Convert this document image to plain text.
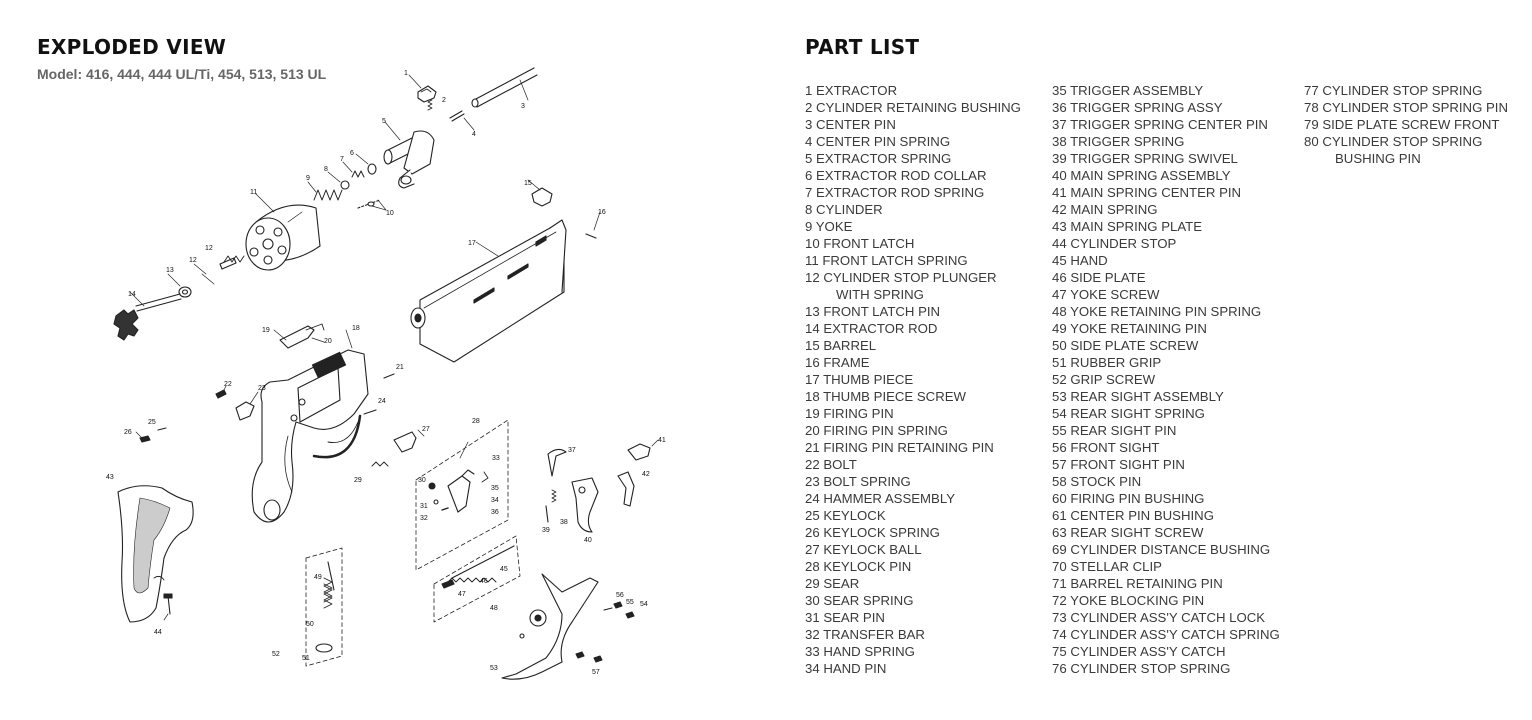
EXPLODED VIEW

Model: 416, 444, 444 UL/Ti, 454, 513, 513 UL	1
2
3
4
5
6
7
8
9
10
11
12
12
13
14
15
16
17
18
19
20
21
22
23
24
25
26	27
28
29	30
31
32
33
34
35
36
37
38
39
40
41
42
43
44
45
46
47
48
49
50
51
52
53
54
55
56
57
PART LIST
1 EXTRACTOR
2 CYLINDER RETAINING BUSHING
3 CENTER PIN
4 CENTER PIN SPRING
5 EXTRACTOR SPRING
6 EXTRACTOR ROD COLLAR
7 EXTRACTOR ROD SPRING
8 CYLINDER
9 YOKE
10 FRONT LATCH
11 FRONT LATCH SPRING
12 CYLINDER STOP PLUNGER
WITH SPRING
13 FRONT LATCH PIN
14 EXTRACTOR ROD
15 BARREL
16 FRAME
17 THUMB PIECE
18 THUMB PIECE SCREW
19 FIRING PIN
20 FIRING PIN SPRING
21 FIRING PIN RETAINING PIN
22 BOLT
23 BOLT SPRING
24 HAMMER ASSEMBLY
25 KEYLOCK
26 KEYLOCK SPRING
27 KEYLOCK BALL
28 KEYLOCK PIN
29 SEAR
30 SEAR SPRING
31 SEAR PIN
32 TRANSFER BAR
33 HAND SPRING
34 HAND PIN
35 TRIGGER ASSEMBLY
36 TRIGGER SPRING ASSY
37 TRIGGER SPRING CENTER PIN
38 TRIGGER SPRING
39 TRIGGER SPRING SWIVEL
40 MAIN SPRING ASSEMBLY
41 MAIN SPRING CENTER PIN
42 MAIN SPRING
43 MAIN SPRING PLATE
44 CYLINDER STOP
45 HAND
46 SIDE PLATE
47 YOKE SCREW
48 YOKE RETAINING PIN SPRING
49 YOKE RETAINING PIN
50 SIDE PLATE SCREW
51 RUBBER GRIP
52 GRIP SCREW
53 REAR SIGHT ASSEMBLY
54 REAR SIGHT SPRING
55 REAR SIGHT PIN
56 FRONT SIGHT
57 FRONT SIGHT PIN
58 STOCK PIN
60 FIRING PIN BUSHING
61 CENTER PIN BUSHING
63 REAR SIGHT SCREW
69 CYLINDER DISTANCE BUSHING
70 STELLAR CLIP
71 BARREL RETAINING PIN
72 YOKE BLOCKING PIN
73 CYLINDER ASS'Y CATCH LOCK
74 CYLINDER ASS'Y CATCH SPRING
75 CYLINDER ASS'Y CATCH
76 CYLINDER STOP SPRING
77 CYLINDER STOP SPRING
78 CYLINDER STOP SPRING PIN
79 SIDE PLATE SCREW FRONT
80 CYLINDER STOP SPRING
BUSHING PIN
